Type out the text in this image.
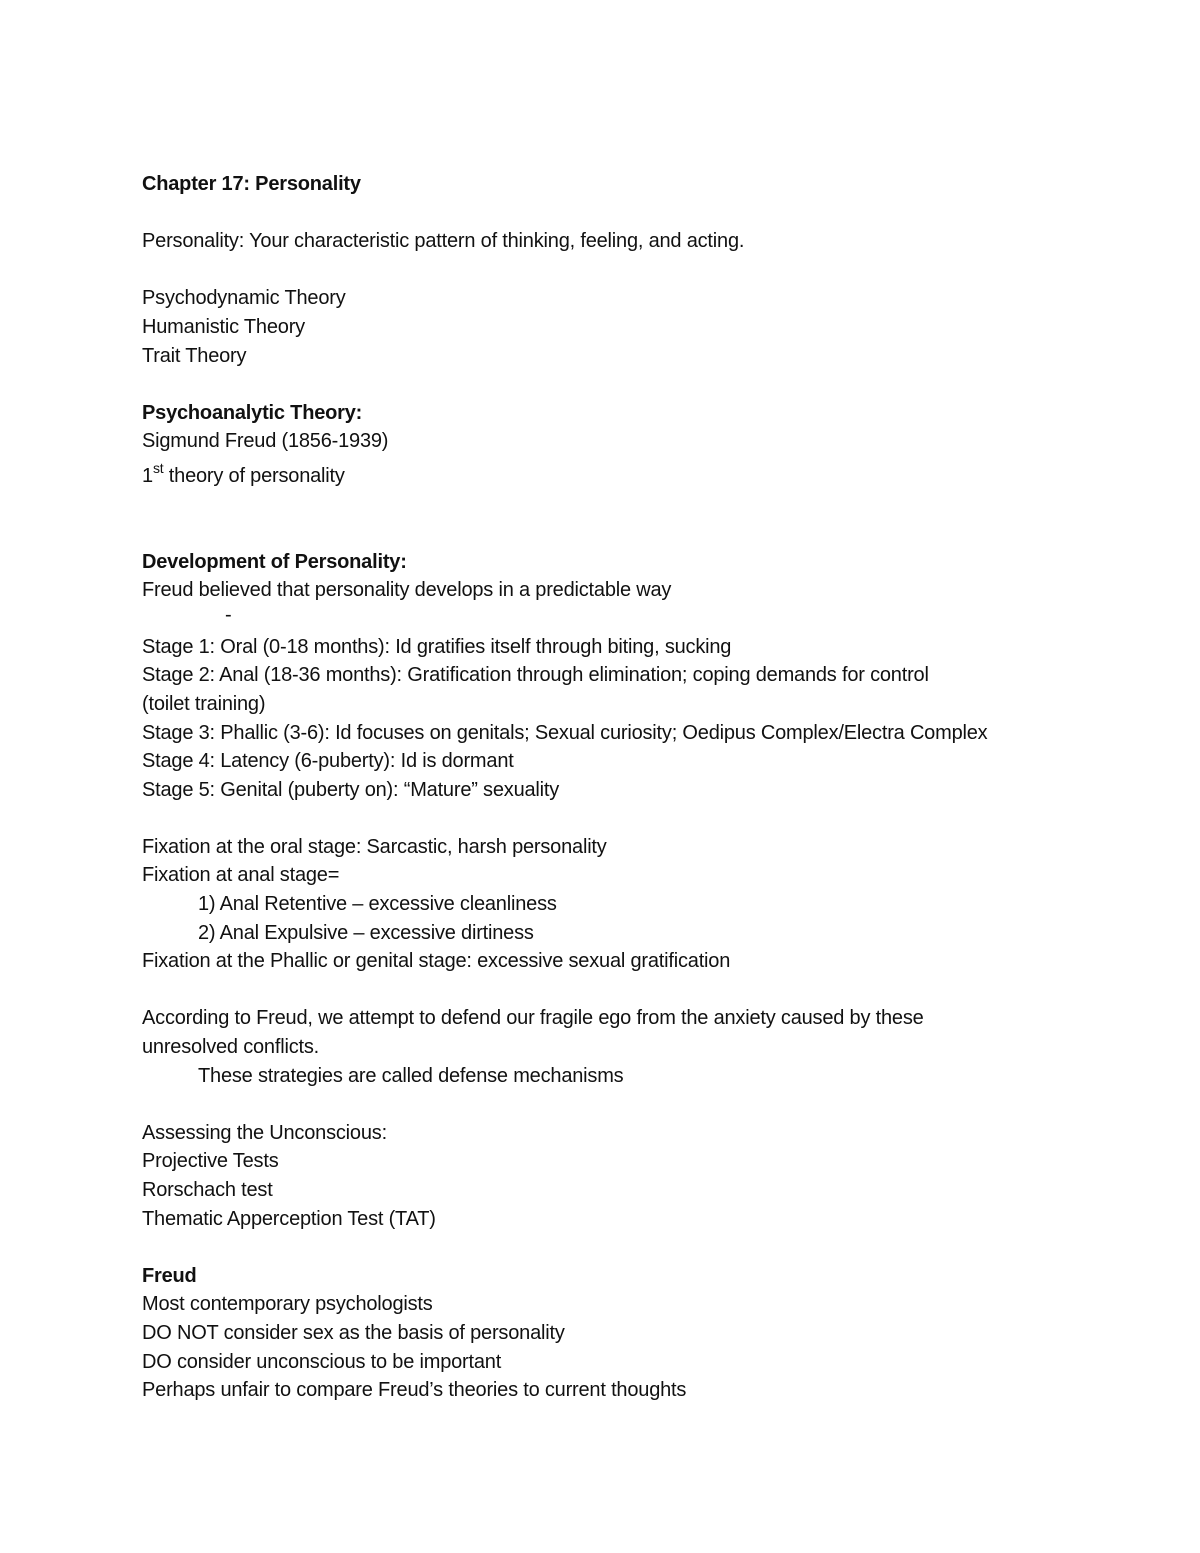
Chapter 17: Personality
Personality: Your characteristic pattern of thinking, feeling, and acting.
Psychodynamic Theory
Humanistic Theory
Trait Theory
Psychoanalytic Theory:
Sigmund Freud (1856-1939)
1st theory of personality
Development of Personality:
Freud believed that personality develops in a predictable way
-
Stage 1: Oral (0-18 months): Id gratifies itself through biting, sucking
Stage 2: Anal (18-36 months): Gratification through elimination; coping demands for control
(toilet training)
Stage 3: Phallic (3-6): Id focuses on genitals; Sexual curiosity; Oedipus Complex/Electra Complex
Stage 4: Latency (6-puberty): Id is dormant
Stage 5: Genital (puberty on): “Mature” sexuality
Fixation at the oral stage: Sarcastic, harsh personality
Fixation at anal stage=
1) Anal Retentive – excessive cleanliness
2) Anal Expulsive – excessive dirtiness
Fixation at the Phallic or genital stage: excessive sexual gratification
According to Freud, we attempt to defend our fragile ego from the anxiety caused by these
unresolved conflicts.
These strategies are called defense mechanisms
Assessing the Unconscious:
Projective Tests
Rorschach test
Thematic Apperception Test (TAT)
Freud
Most contemporary psychologists
DO NOT consider sex as the basis of personality
DO consider unconscious to be important
Perhaps unfair to compare Freud’s theories to current thoughts
